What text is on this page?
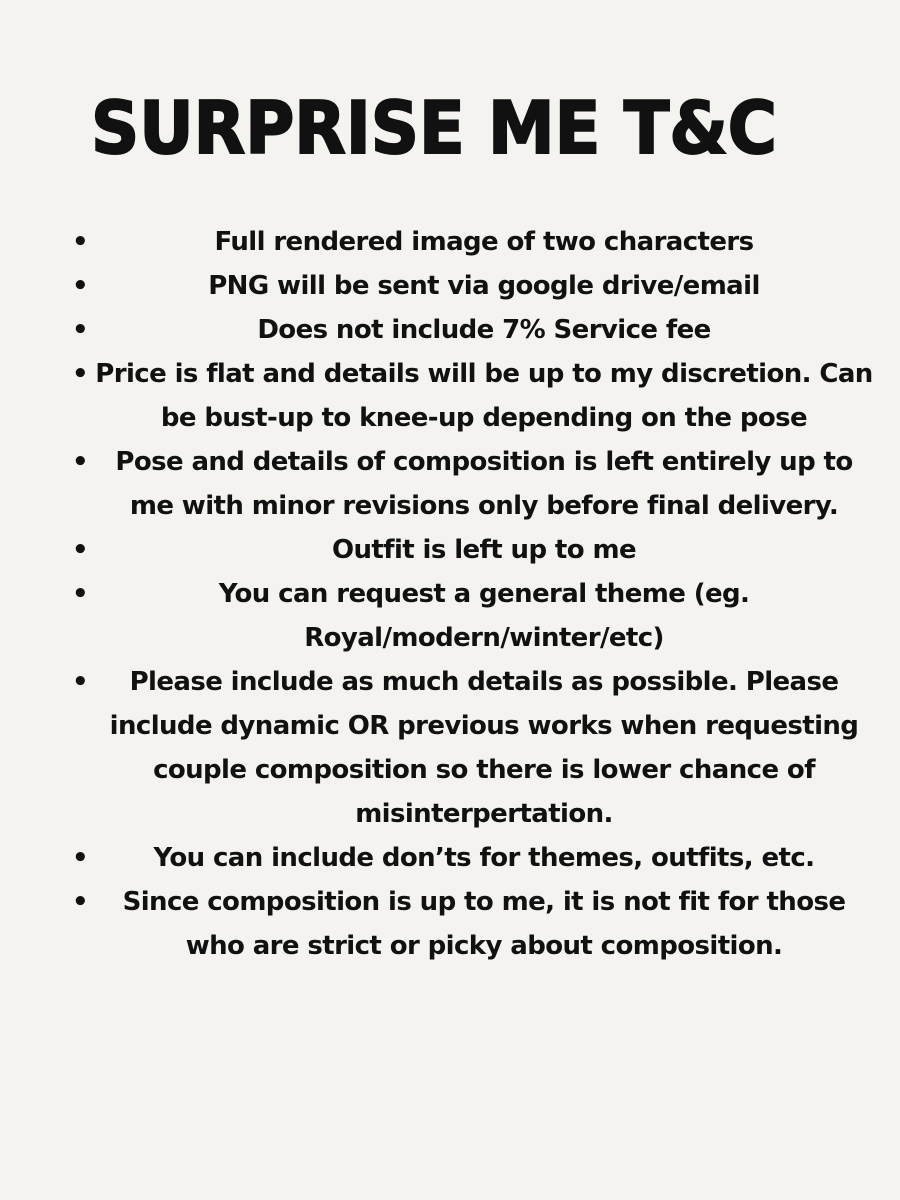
SURPRISE ME T&C
•	Full rendered image of two characters
•	PNG will be sent via google drive/email
•	Does not include 7% Service fee
• Price is flat and details will be up to my discretion. Can be bust-up to knee-up depending on the pose
•	Pose and details of composition is left entirely up to me with minor revisions only before final delivery.
•	Outfit is left up to me
•	You can request a general theme (eg. Royal/modern/winter/etc)
•	Please include as much details as possible. Please include dynamic OR previous works when requesting couple composition so there is lower chance of misinterpertation.
•	You can include don’ts for themes, outfits, etc.
•	Since composition is up to me, it is not fit for those who are strict or picky about composition.
